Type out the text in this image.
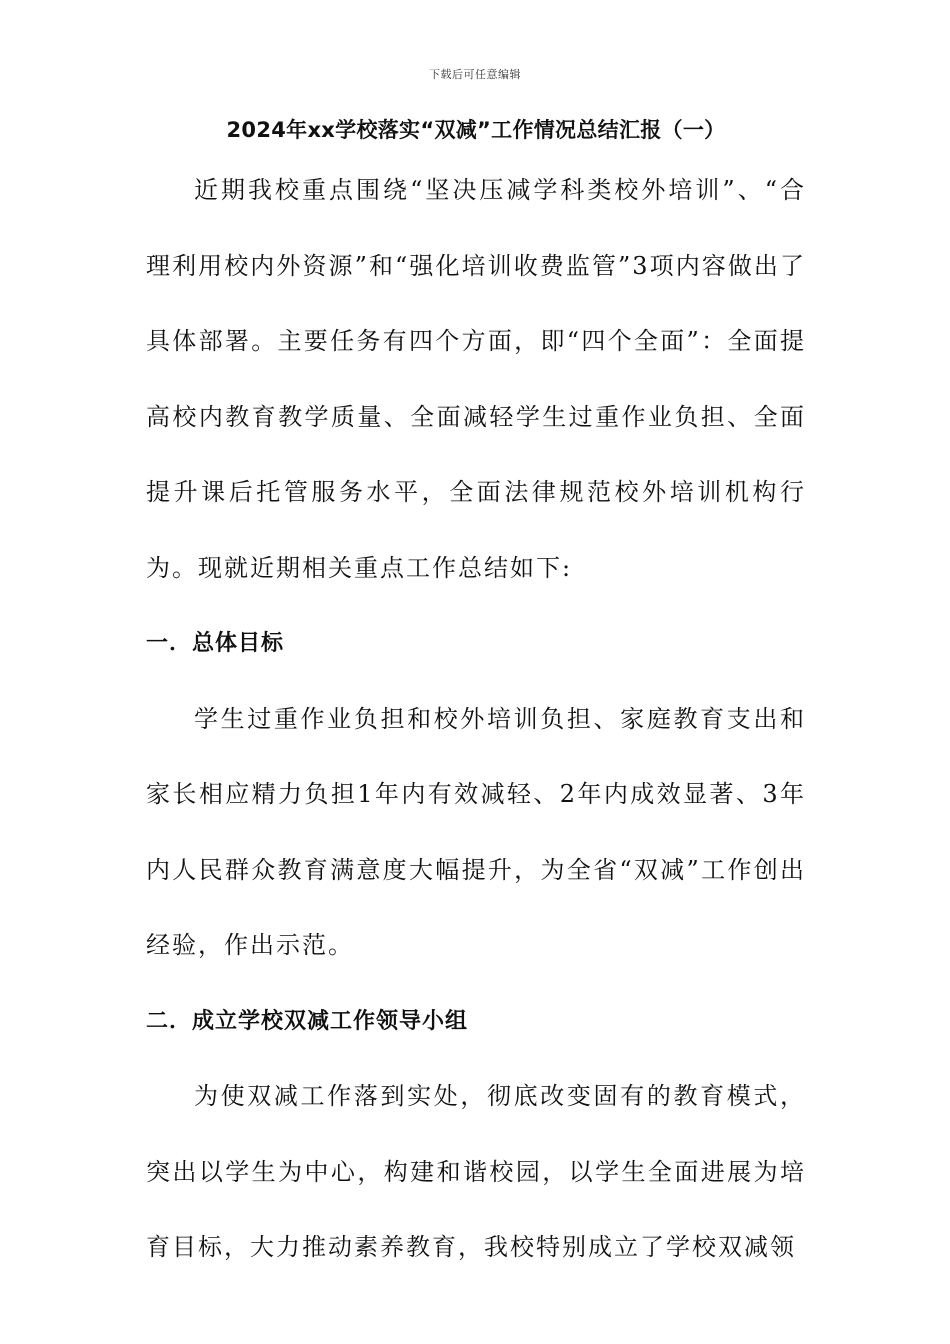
下载后可任意编辑
2024年xx学校落实“双减”工作情况总结汇报（一）

近期我校重点围绕“坚决压减学科类校外培训”、“合理利用校内外资源”和“强化培训收费监管”3项内容做出了具体部署。主要任务有四个方面，即“四个全面”：全面提高校内教育教学质量、全面减轻学生过重作业负担、全面提升课后托管服务水平，全面法律规范校外培训机构行为。现就近期相关重点工作总结如下:

一．总体目标

学生过重作业负担和校外培训负担、家庭教育支出和家长相应精力负担1年内有效减轻、2年内成效显著、3年内人民群众教育满意度大幅提升，为全省“双减”工作创出经验，作出示范。

二．成立学校双减工作领导小组

为使双减工作落到实处，彻底改变固有的教育模式，突出以学生为中心，构建和谐校园，以学生全面进展为培育目标，大力推动素养教育，我校特别成立了学校双减领
